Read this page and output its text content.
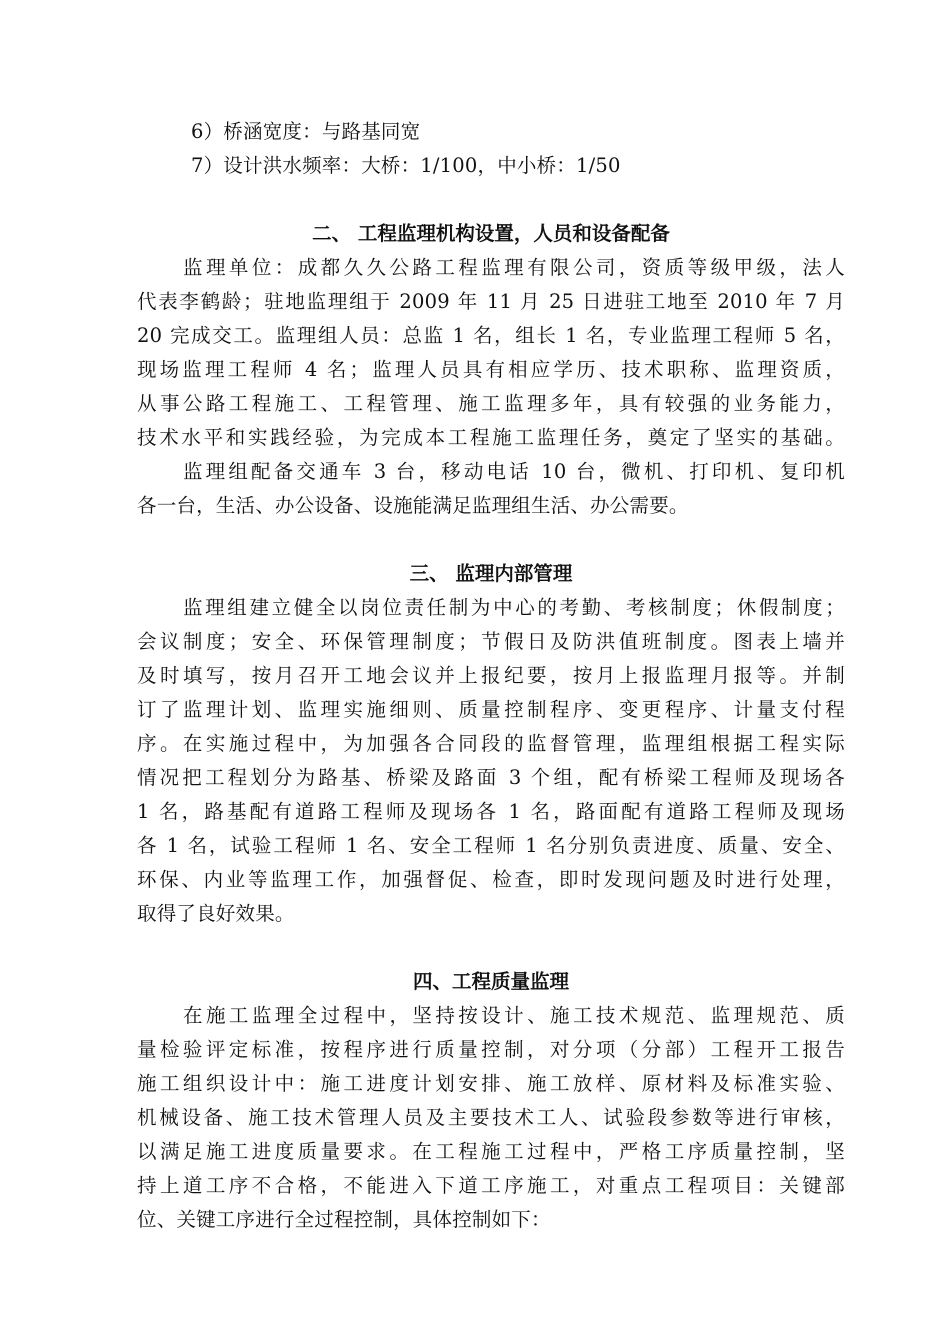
6）桥涵宽度：与路基同宽
7）设计洪水频率：大桥：1/100，中小桥：1/50
二、 工程监理机构设置，人员和设备配备
监理单位：成都久久公路工程监理有限公司，资质等级甲级，法人
代表李鹤龄；驻地监理组于 2009 年 11 月 25 日进驻工地至 2010 年 7 月
20 完成交工。监理组人员：总监 1 名，组长 1 名，专业监理工程师 5 名，
现场监理工程师 4 名；监理人员具有相应学历、技术职称、监理资质，
从事公路工程施工、工程管理、施工监理多年，具有较强的业务能力，
技术水平和实践经验，为完成本工程施工监理任务，奠定了坚实的基础。
监理组配备交通车 3 台，移动电话 10 台，微机、打印机、复印机
各一台，生活、办公设备、设施能满足监理组生活、办公需要。
三、 监理内部管理
监理组建立健全以岗位责任制为中心的考勤、考核制度；休假制度；
会议制度；安全、环保管理制度；节假日及防洪值班制度。图表上墙并
及时填写，按月召开工地会议并上报纪要，按月上报监理月报等。并制
订了监理计划、监理实施细则、质量控制程序、变更程序、计量支付程
序。在实施过程中，为加强各合同段的监督管理，监理组根据工程实际
情况把工程划分为路基、桥梁及路面 3 个组，配有桥梁工程师及现场各
1 名，路基配有道路工程师及现场各 1 名，路面配有道路工程师及现场
各 1 名，试验工程师 1 名、安全工程师 1 名分别负责进度、质量、安全、
环保、内业等监理工作，加强督促、检查，即时发现问题及时进行处理，
取得了良好效果。
四、工程质量监理
在施工监理全过程中，坚持按设计、施工技术规范、监理规范、质
量检验评定标准，按程序进行质量控制，对分项（分部）工程开工报告
施工组织设计中：施工进度计划安排、施工放样、原材料及标准实验、
机械设备、施工技术管理人员及主要技术工人、试验段参数等进行审核，
以满足施工进度质量要求。在工程施工过程中，严格工序质量控制，坚
持上道工序不合格，不能进入下道工序施工，对重点工程项目：关键部
位、关键工序进行全过程控制，具体控制如下：
